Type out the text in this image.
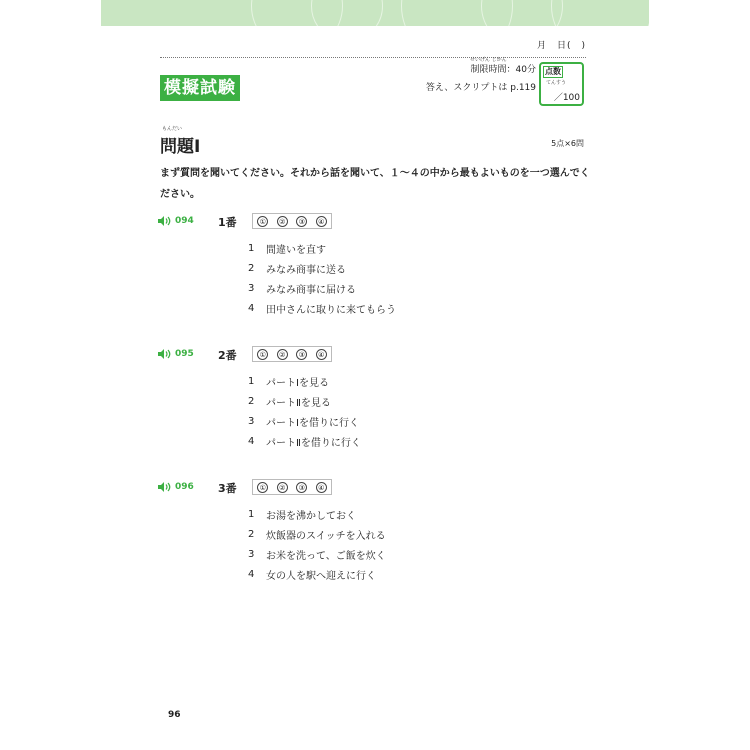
月　日(　)
模擬試験
せいげん じかん
制限時間：40分
答え、スクリプトは p.119
点数
てんすう
／100
もんだい
問題Ⅰ	5点×6問
まず質問を聞いてください。それから話を聞いて、１～４の中から最もよいものを一つ選んでください。
094 1番	①	②	③	④
1	間違いを直す
2	みなみ商事に送る
3	みなみ商事に届ける
4	田中さんに取りに来てもらう
095 2番	①	②	③	④
1	パートⅠを見る
2	パートⅡを見る
3	パートⅠを借りに行く
4	パートⅡを借りに行く
096 3番	①	②	③	④
1	お湯を沸かしておく
2	炊飯器のスイッチを入れる
3	お米を洗って、ご飯を炊く
4	女の人を駅へ迎えに行く
96
